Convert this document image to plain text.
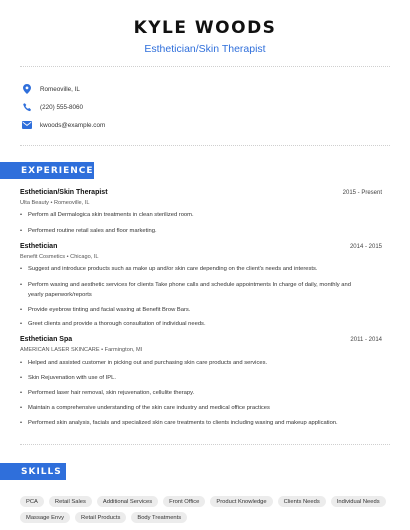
KYLE WOODS
Esthetician/Skin Therapist
Romeoville, IL
(220) 555-8060
kwoods@example.com
EXPERIENCE
Esthetician/Skin Therapist	2015 - Present
Ulta Beauty • Romeoville, IL
• Perform all Dermalogica skin treatments in clean sterilized room.
• Performed routine retail sales and floor marketing.
Esthetician	2014 - 2015
Benefit Cosmetics • Chicago, IL
• Suggest and introduce products such as make up and/or skin care depending on the client's needs and interests.
• Perform waxing and aesthetic services for clients Take phone calls and schedule appointments In charge of daily, monthly and yearly paperwork/reports
• Provide eyebrow tinting and facial waxing at Benefit Brow Bars.
• Greet clients and provide a thorough consultation of individual needs.
Esthetician Spa	2011 - 2014
AMERICAN LASER SKINCARE • Farmington, MI
• Helped and assisted customer in picking out and purchasing skin care products and services.
• Skin Rejuvenation with use of IPL.
• Performed laser hair removal, skin rejuvenation, cellulite therapy.
• Maintain a comprehensive understanding of the skin care industry and medical office practices
• Performed skin analysis, facials and specialized skin care treatments to clients including waxing and makeup application.
SKILLS
PCA	Retail Sales	Additional Services	Front Office	Product Knowledge	Clients Needs	Individual Needs
Massage Envy	Retail Products	Body Treatments
